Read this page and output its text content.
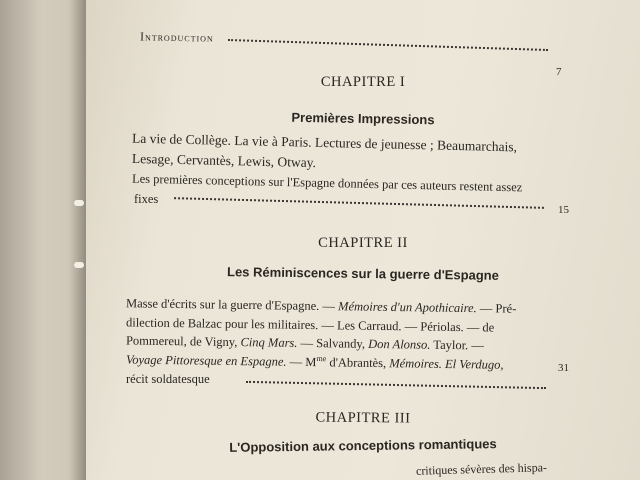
Introduction
7
CHAPITRE I
Premières Impressions
La vie de Collège. La vie à Paris. Lectures de jeunesse ; Beaumarchais,
Lesage, Cervantès, Lewis, Otway.
Les premières conceptions sur l'Espagne données par ces auteurs restent assez
fixes
15
CHAPITRE II
Les Réminiscences sur la guerre d'Espagne
Masse d'écrits sur la guerre d'Espagne. — Mémoires d'un Apothicaire. — Pré-
dilection de Balzac pour les militaires. — Les Carraud. — Périolas. — de
Pommereul, de Vigny, Cinq Mars. — Salvandy, Don Alonso. Taylor. —
Voyage Pittoresque en Espagne. — $M^{me}$ d'Abrantès, Mémoires. El Verdugo,
récit soldatesque
31
CHAPITRE III
L'Opposition aux conceptions romantiques
critiques sévères des hispa-
